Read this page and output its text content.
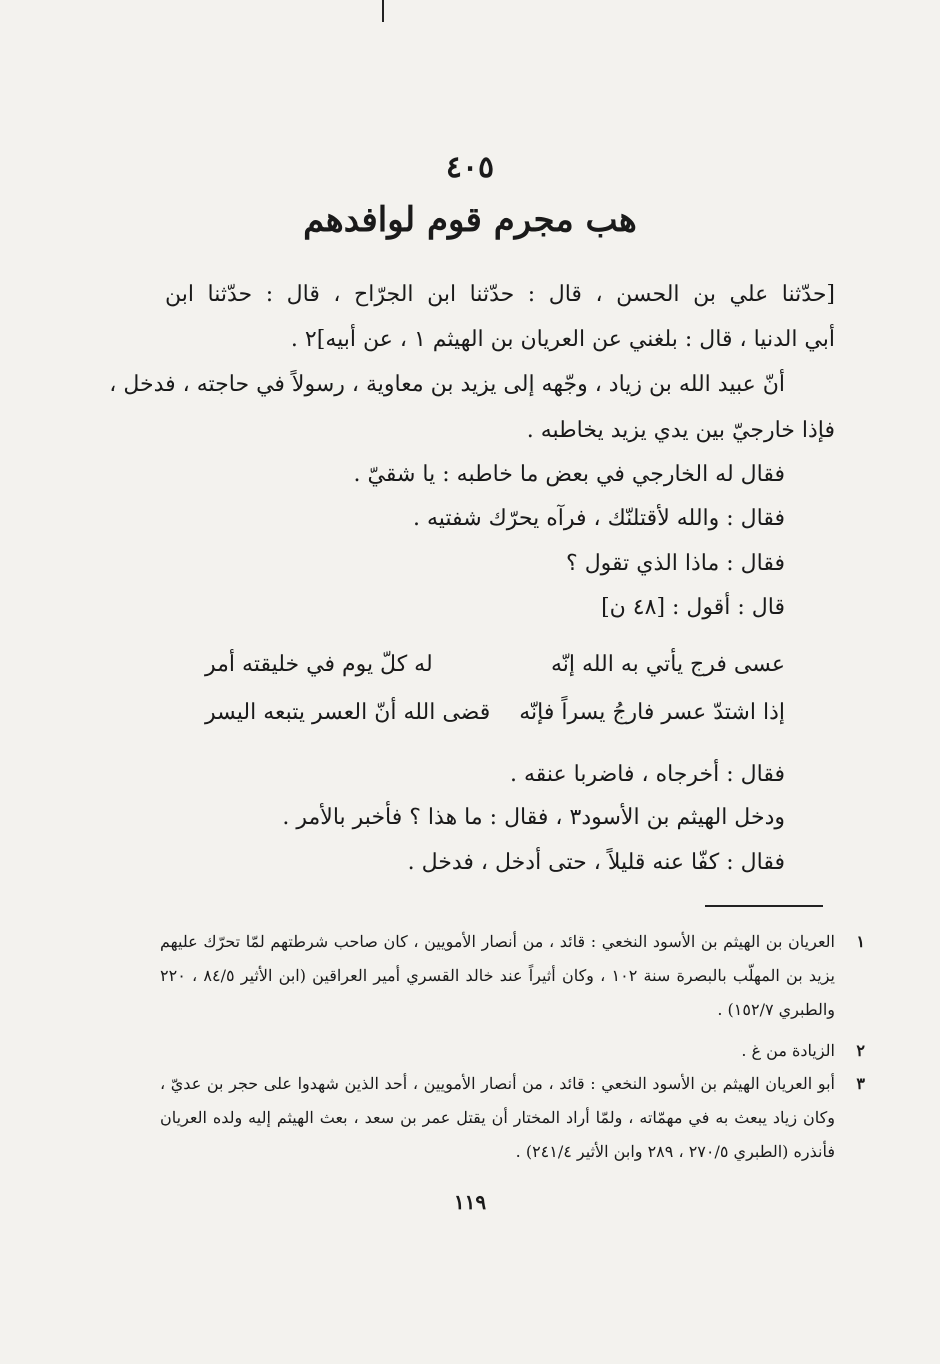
٤٠٥
هب مجرم قوم لوافدهم
[حدّثنا علي بن الحسن ، قال : حدّثنا ابن الجرّاح ، قال : حدّثنا ابن
أبي الدنيا ، قال : بلغني عن العريان بن الهيثم ١ ، عن أبيه]٢ .
أنّ عبيد الله بن زياد ، وجّهه إلى يزيد بن معاوية ، رسولاً في حاجته ، فدخل ،
فإذا خارجيّ بين يدي يزيد يخاطبه .
فقال له الخارجي في بعض ما خاطبه : يا شقيّ .
فقال : والله لأقتلنّك ، فرآه يحرّك شفتيه .
فقال : ماذا الذي تقول ؟
قال : أقول : [٤٨ ن]
عسى فرج يأتي به الله إنّه
له كلّ يوم في خليقته أمر
إذا اشتدّ عسر فارجُ يسراً فإنّه
قضى الله أنّ العسر يتبعه اليسر
فقال : أخرجاه ، فاضربا عنقه .
ودخل الهيثم بن الأسود٣ ، فقال : ما هذا ؟ فأخبر بالأمر .
فقال : كفّا عنه قليلاً ، حتى أدخل ، فدخل .
١
العريان بن الهيثم بن الأسود النخعي : قائد ، من أنصار الأمويين ، كان صاحب شرطتهم لمّا تحرّك عليهم يزيد بن المهلّب بالبصرة سنة ١٠٢ ، وكان أثيراً عند خالد القسري أمير العراقين (ابن الأثير ٨٤/٥ ، ٢٢٠ والطبري ١٥٢/٧) .
٢
الزيادة من غ .
٣
أبو العريان الهيثم بن الأسود النخعي : قائد ، من أنصار الأمويين ، أحد الذين شهدوا على حجر بن عديّ ، وكان زياد يبعث به في مهمّاته ، ولمّا أراد المختار أن يقتل عمر بن سعد ، بعث الهيثم إليه ولده العريان فأنذره (الطبري ٢٧٠/٥ ، ٢٨٩ وابن الأثير ٢٤١/٤) .
١١٩
